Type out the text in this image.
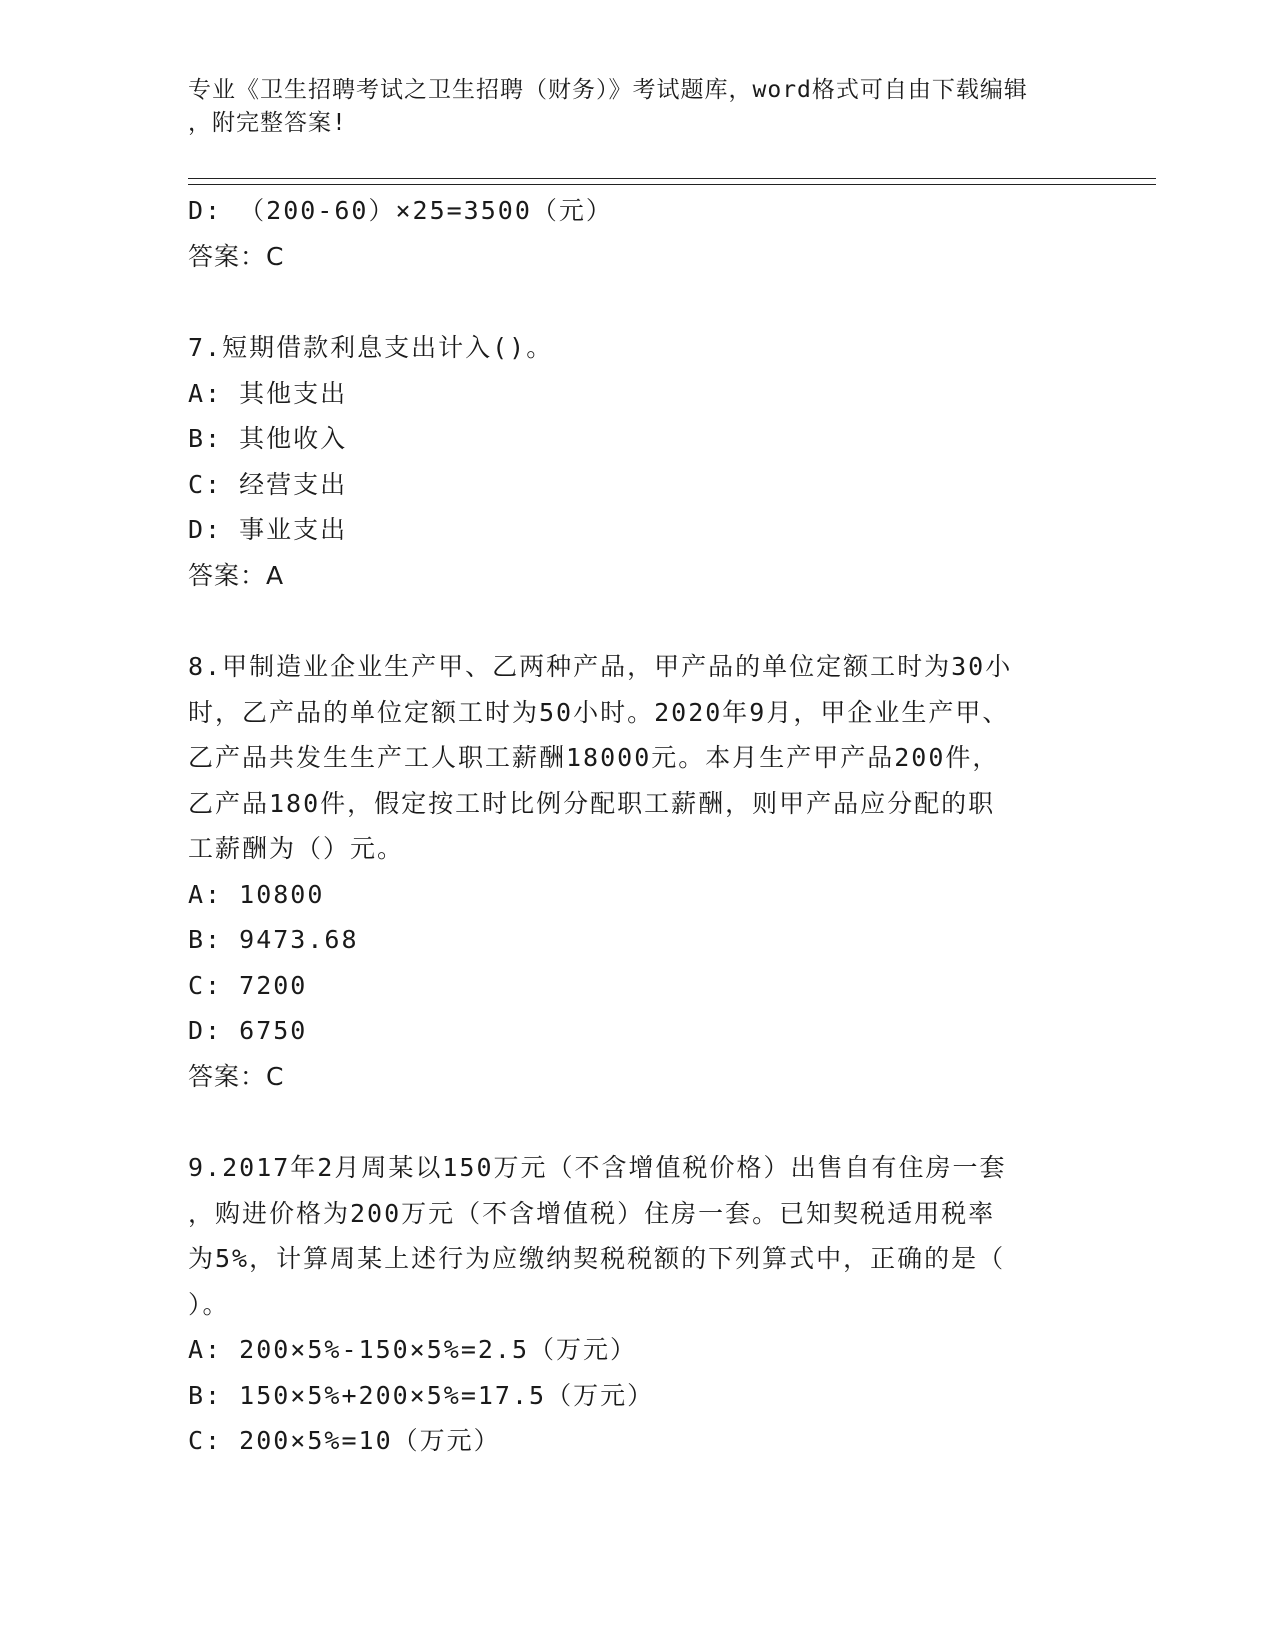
专业《卫生招聘考试之卫生招聘（财务）》考试题库，word格式可自由下载编辑
，附完整答案!
D: （200-60）×25=3500（元）
答案：C
7.短期借款利息支出计入()。
A: 其他支出
B: 其他收入
C: 经营支出
D: 事业支出
答案：A
8.甲制造业企业生产甲、乙两种产品，甲产品的单位定额工时为30小
时，乙产品的单位定额工时为50小时。2020年9月，甲企业生产甲、
乙产品共发生生产工人职工薪酬18000元。本月生产甲产品200件，
乙产品180件，假定按工时比例分配职工薪酬，则甲产品应分配的职
工薪酬为（）元。
A: 10800
B: 9473.68
C: 7200
D: 6750
答案：C
9.2017年2月周某以150万元（不含增值税价格）出售自有住房一套
，购进价格为200万元（不含增值税）住房一套。已知契税适用税率
为5%，计算周某上述行为应缴纳契税税额的下列算式中，正确的是（
）。
A: 200×5%-150×5%=2.5（万元）
B: 150×5%+200×5%=17.5（万元）
C: 200×5%=10（万元）
